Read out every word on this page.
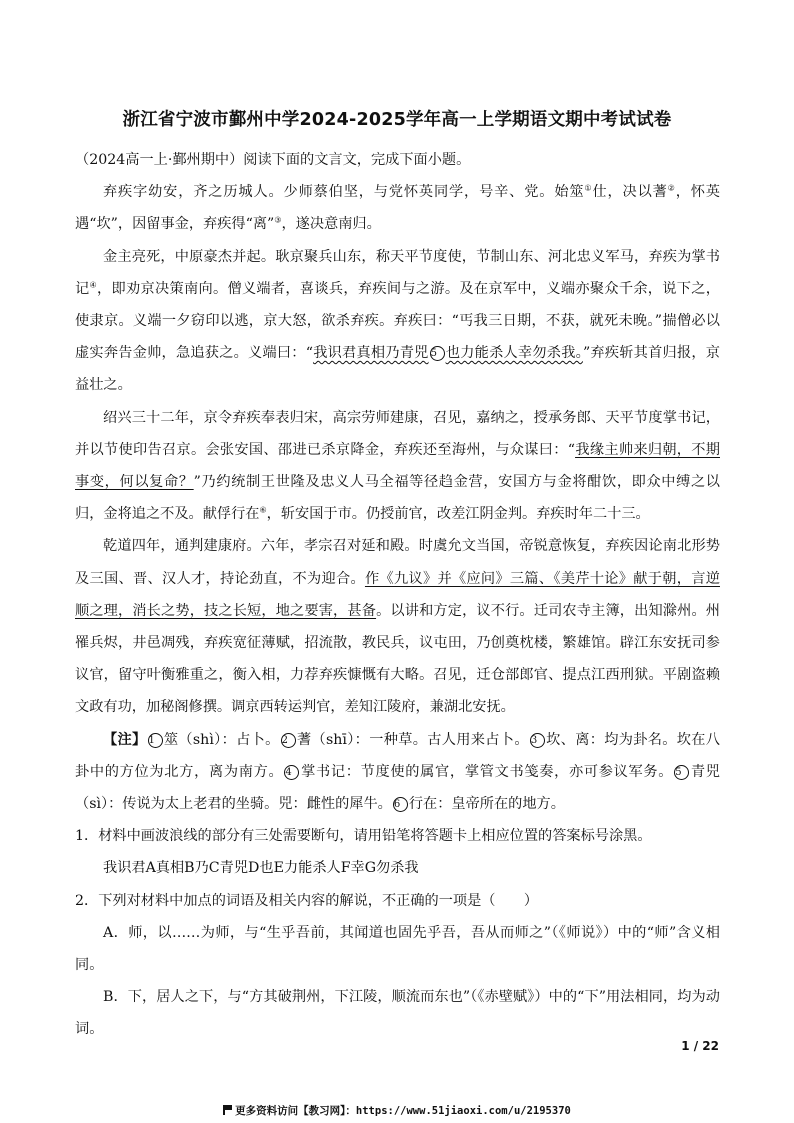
浙江省宁波市鄞州中学2024-2025学年高一上学期语文期中考试试卷

（2024高一上·鄞州期中）阅读下面的文言文，完成下面小题。

弃疾字幼安，齐之历城人。少师蔡伯坚，与党怀英同学，号辛、党。始筮①仕，决以蓍②，怀英遇“坎”，因留事金，弃疾得“离”③，遂决意南归。

金主亮死，中原豪杰并起。耿京聚兵山东，称天平节度使，节制山东、河北忠义军马，弃疾为掌书记④，即劝京决策南向。僧义端者，喜谈兵，弃疾间与之游。及在京军中，义端亦聚众千余，说下之，使隶京。义端一夕窃印以逃，京大怒，欲杀弃疾。弃疾曰：“丐我三日期，不获，就死未晚。”揣僧必以虚实奔告金帅，急追获之。义端曰：“我识君真相乃青兕 5 也力能杀人幸勿杀我。”弃疾斩其首归报，京益壮之。

绍兴三十二年，京令弃疾奉表归宋，高宗劳师建康，召见，嘉纳之，授承务郎、天平节度掌书记，并以节使印告召京。会张安国、邵进已杀京降金，弃疾还至海州，与众谋曰：“我缘主帅来归朝，不期事变，何以复命？”乃约统制王世隆及忠义人马全福等径趋金营，安国方与金将酣饮，即众中缚之以归，金将追之不及。献俘行在⑥，斩安国于市。仍授前官，改差江阴金判。弃疾时年二十三。

乾道四年，通判建康府。六年，孝宗召对延和殿。时虞允文当国，帝锐意恢复，弃疾因论南北形势及三国、晋、汉人才，持论劲直，不为迎合。作《九议》并《应问》三篇、《美芹十论》献于朝，言逆顺之理，消长之势，技之长短，地之要害，甚备。以讲和方定，议不行。迁司农寺主簿，出知滁州。州罹兵烬，井邑凋残，弃疾宽征薄赋，招流散，教民兵，议屯田，乃创奠枕楼，繁雄馆。辟江东安抚司参议官，留守叶衡雅重之，衡入相，力荐弃疾慷慨有大略。召见，迁仓部郎官、提点江西刑狱。平剧盗赖文政有功，加秘阁修撰。调京西转运判官，差知江陵府，兼湖北安抚。

【注】 1 筮（shì）：占卜。 2 蓍（shī）：一种草。古人用来占卜。 3 坎、离：均为卦名。坎在八卦中的方位为北方，离为南方。 4 掌书记：节度使的属官，掌管文书笺奏，亦可参议军务。 5 青兕（sì）：传说为太上老君的坐骑。兕：雌性的犀牛。 6 行在：皇帝所在的地方。

1．材料中画波浪线的部分有三处需要断句，请用铅笔将答题卡上相应位置的答案标号涂黑。

我识君A真相B乃C青兕D也E力能杀人F幸G勿杀我

2．下列对材料中加点的词语及相关内容的解说，不正确的一项是（　　）

A．师，以……为师，与“生乎吾前，其闻道也固先乎吾，吾从而师之”（《师说》）中的“师”含义相同。

B．下，居人之下，与“方其破荆州，下江陵，顺流而东也”（《赤壁赋》）中的“下”用法相同，均为动词。

1 / 22
更多资料访问【教习网】：https://www.51jiaoxi.com/u/2195370
